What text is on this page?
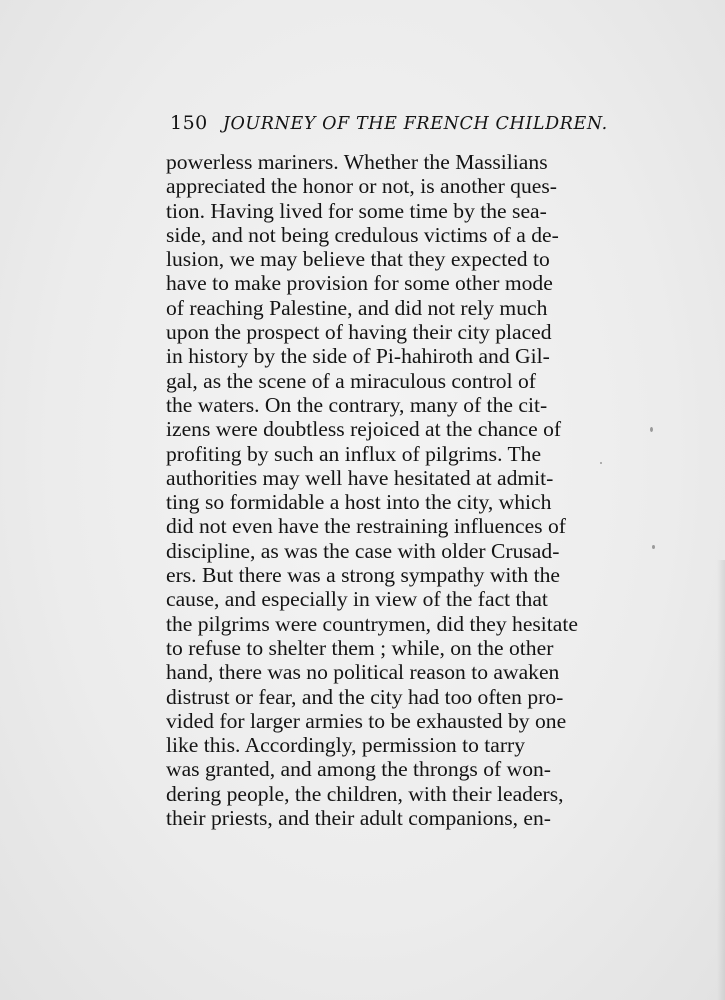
150 JOURNEY OF THE FRENCH CHILDREN.
powerless mariners. Whether the Massilians
appreciated the honor or not, is another ques-
tion. Having lived for some time by the sea-
side, and not being credulous victims of a de-
lusion, we may believe that they expected to
have to make provision for some other mode
of reaching Palestine, and did not rely much
upon the prospect of having their city placed
in history by the side of Pi-hahiroth and Gil-
gal, as the scene of a miraculous control of
the waters. On the contrary, many of the cit-
izens were doubtless rejoiced at the chance of
profiting by such an influx of pilgrims. The
authorities may well have hesitated at admit-
ting so formidable a host into the city, which
did not even have the restraining influences of
discipline, as was the case with older Crusad-
ers. But there was a strong sympathy with the
cause, and especially in view of the fact that
the pilgrims were countrymen, did they hesitate
to refuse to shelter them ; while, on the other
hand, there was no political reason to awaken
distrust or fear, and the city had too often pro-
vided for larger armies to be exhausted by one
like this. Accordingly, permission to tarry
was granted, and among the throngs of won-
dering people, the children, with their leaders,
their priests, and their adult companions, en-
